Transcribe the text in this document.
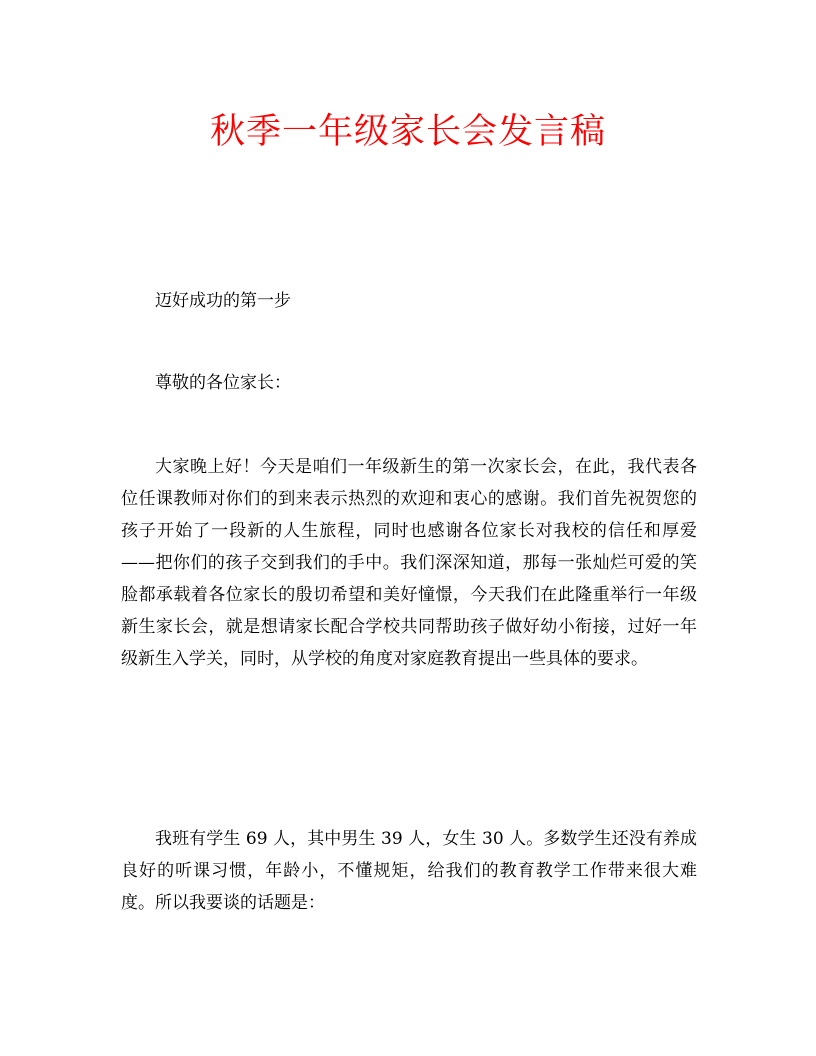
秋季一年级家长会发言稿

迈好成功的第一步

尊敬的各位家长：

大家晚上好！今天是咱们一年级新生的第一次家长会，在此，我代表各位任课教师对你们的到来表示热烈的欢迎和衷心的感谢。我们首先祝贺您的孩子开始了一段新的人生旅程，同时也感谢各位家长对我校的信任和厚爱——把你们的孩子交到我们的手中。我们深深知道，那每一张灿烂可爱的笑脸都承载着各位家长的殷切希望和美好憧憬，今天我们在此隆重举行一年级新生家长会，就是想请家长配合学校共同帮助孩子做好幼小衔接，过好一年级新生入学关，同时，从学校的角度对家庭教育提出一些具体的要求。

我班有学生 69 人，其中男生 39 人，女生 30 人。多数学生还没有养成良好的听课习惯，年龄小，不懂规矩，给我们的教育教学工作带来很大难度。所以我要谈的话题是：
